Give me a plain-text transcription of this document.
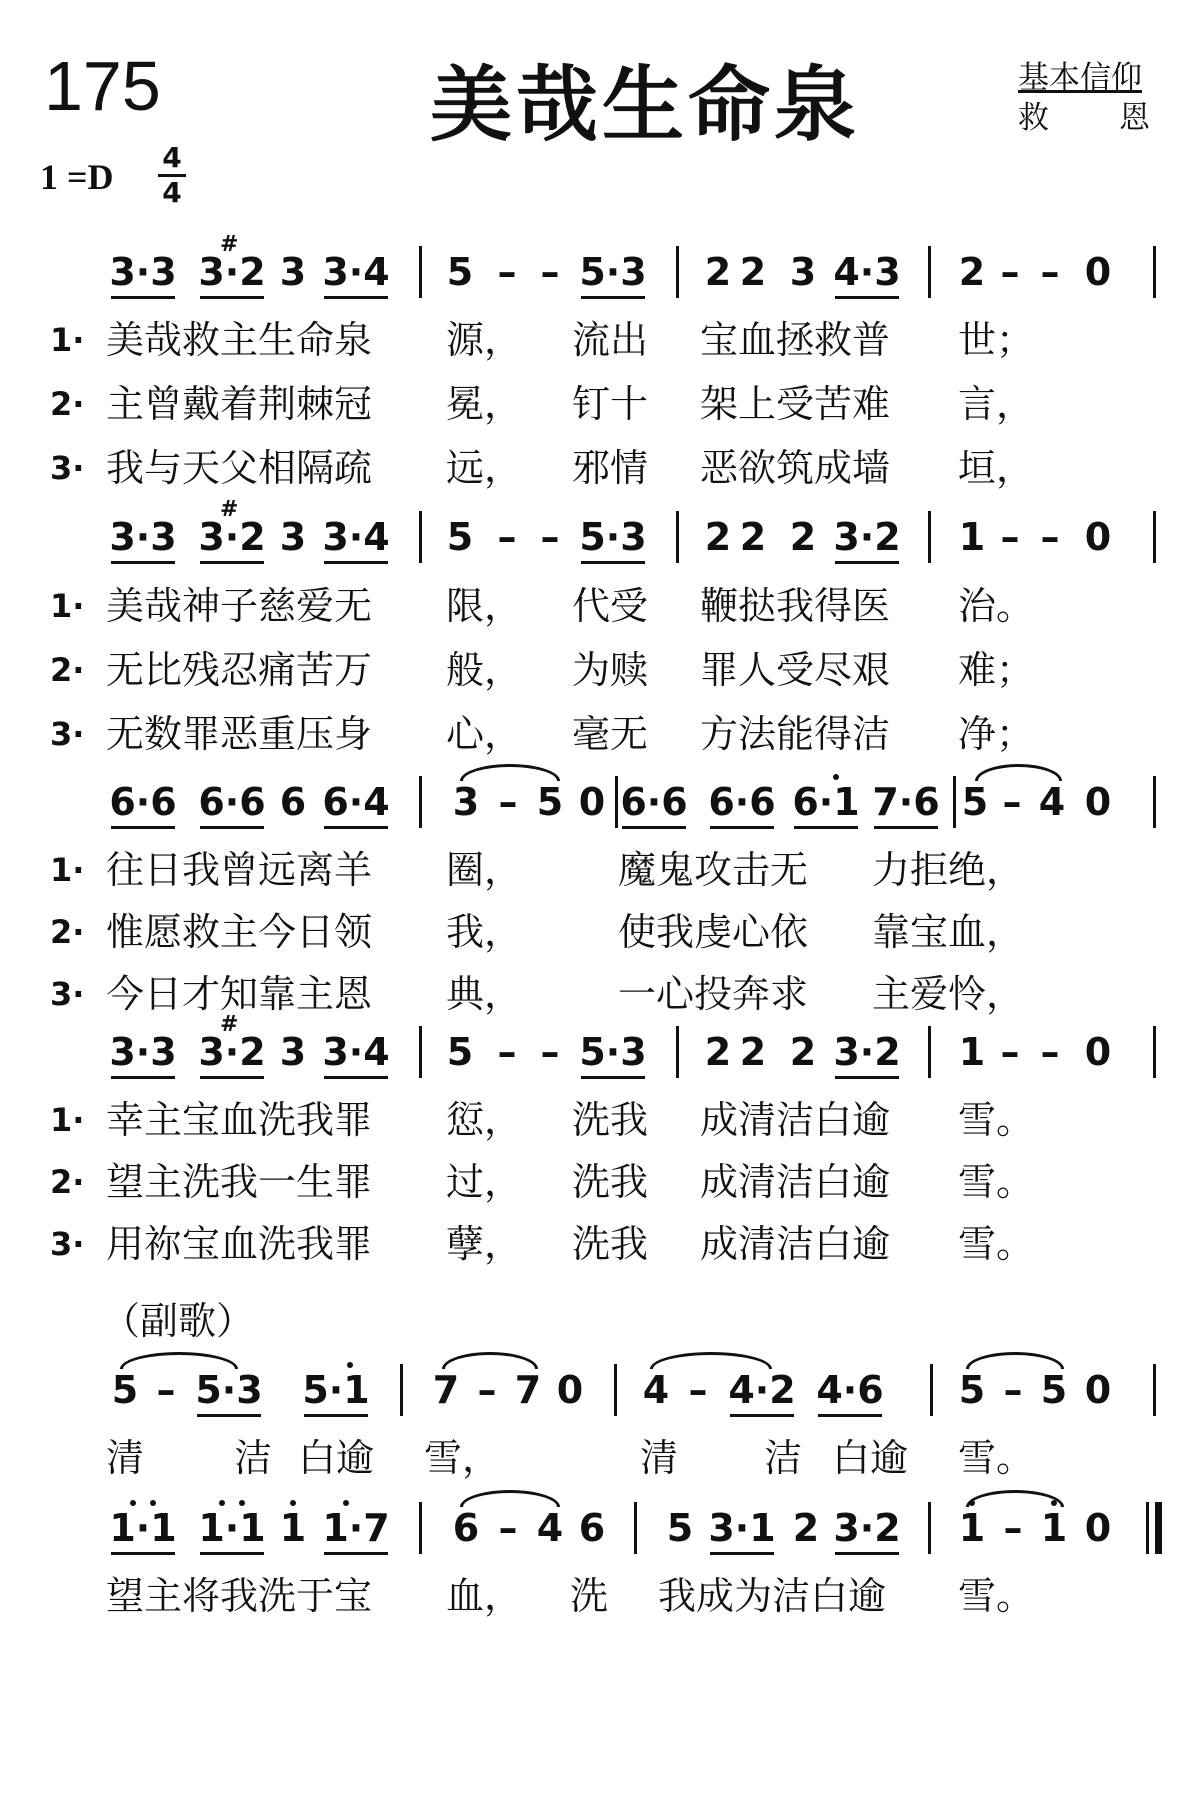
175	美哉生命泉	基本信仰
救 恩
1 =D 4
4
（副歌）
3·3 3·2 3 3·4 5 – – 5·3 2 2 3 4·3 2 – – 0
#
1· 美哉救主生命泉 源， 流出 宝血拯救普 世；
2· 主曾戴着荆棘冠 冕， 钉十 架上受苦难 言，
3· 我与天父相隔疏 远， 邪情 恶欲筑成墙 垣，
3·3 3·2 3 3·4 5 – – 5·3 2 2 2 3·2 1 – – 0
#
1· 美哉神子慈爱无 限， 代受 鞭挞我得医 治。
2· 无比残忍痛苦万 般， 为赎 罪人受尽艰 难；
3· 无数罪恶重压身 心， 毫无 方法能得洁 净；
3·3 3·2 3 3·4 5 – – 5·3 2 2 2 3·2 1 – – 0
#
1· 幸主宝血洗我罪 愆， 洗我 成清洁白逾 雪。
2· 望主洗我一生罪 过， 洗我 成清洁白逾 雪。
3· 用祢宝血洗我罪 孽， 洗我 成清洁白逾 雪。
6·6 6·6 6 6·4 3 – 5 0 6·6 6·6 6·1 7·6 5 – 4 0
1· 往日我曾远离羊 圈，	魔鬼攻击无 力拒绝，
2· 惟愿救主今日领 我，	使我虔心依 靠宝血，
3· 今日才知靠主恩 典，	一心投奔求 主爱怜，
5 – 5·3 5·1 7 – 7 0 4 – 4·2 4·6 5 – 5 0
清 洁 白逾 雪，	清 洁 白逾 雪。
1·1 1·1 1 1·7 6 – 4 6 5 3·1 2 3·2 1 – 1 0
望主将我洗于宝 血， 洗 我成为洁白逾 雪。
